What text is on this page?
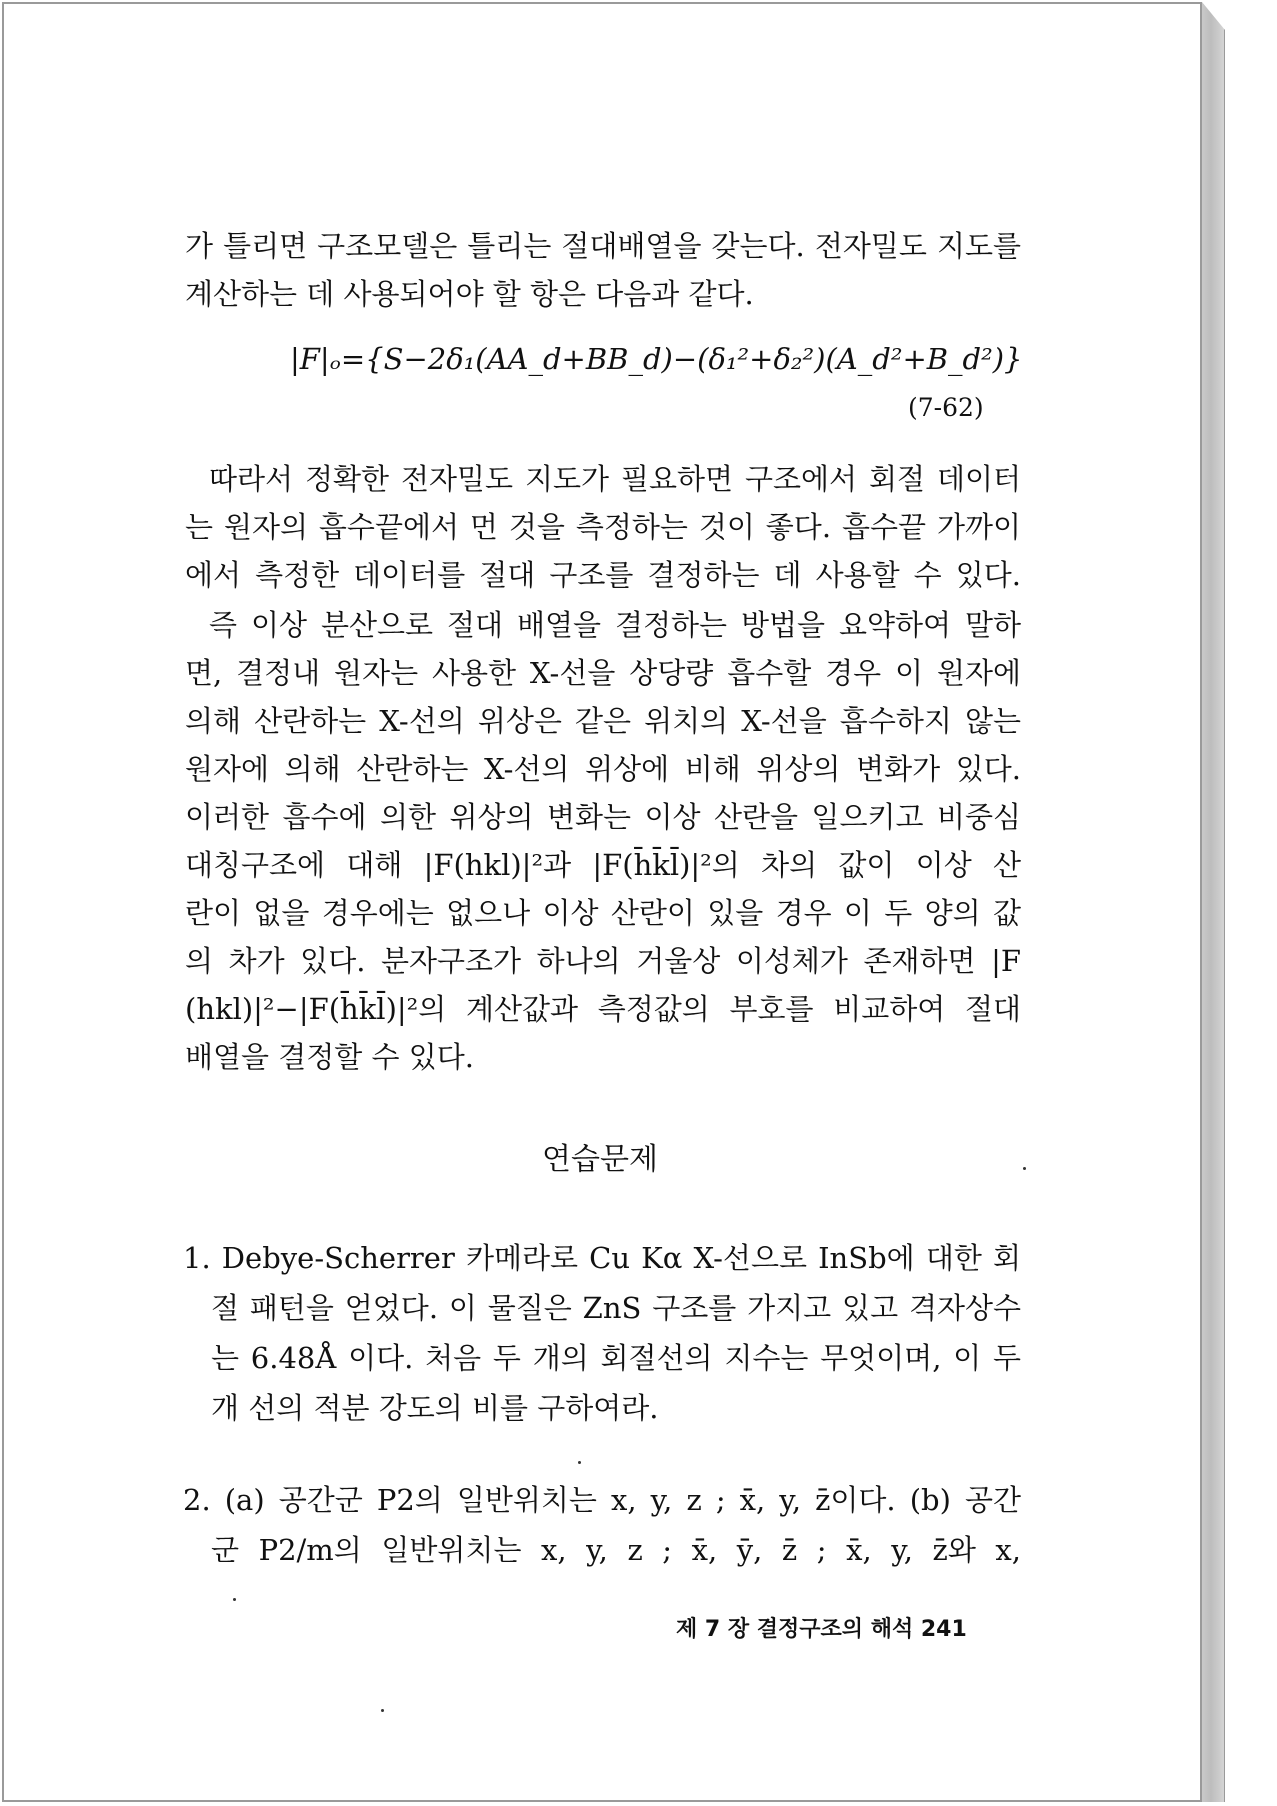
가 틀리면 구조모델은 틀리는 절대배열을 갖는다. 전자밀도 지도를
계산하는 데 사용되어야 할 항은 다음과 같다.
|F|ₒ={S−2δ₁(AA_d+BB_d)−(δ₁²+δ₂²)(A_d²+B_d²)}
(7-62)
따라서 정확한 전자밀도 지도가 필요하면 구조에서 회절 데이터
는 원자의 흡수끝에서 먼 것을 측정하는 것이 좋다. 흡수끝 가까이
에서 측정한 데이터를 절대 구조를 결정하는 데 사용할 수 있다.
즉 이상 분산으로 절대 배열을 결정하는 방법을 요약하여 말하
면, 결정내 원자는 사용한 X-선을 상당량 흡수할 경우 이 원자에
의해 산란하는 X-선의 위상은 같은 위치의 X-선을 흡수하지 않는
원자에 의해 산란하는 X-선의 위상에 비해 위상의 변화가 있다.
이러한 흡수에 의한 위상의 변화는 이상 산란을 일으키고 비중심
대칭구조에 대해 |F(hkl)|²과 |F(h̄k̄l̄)|²의 차의 값이 이상 산
란이 없을 경우에는 없으나 이상 산란이 있을 경우 이 두 양의 값
의 차가 있다. 분자구조가 하나의 거울상 이성체가 존재하면 |F
(hkl)|²−|F(h̄k̄l̄)|²의 계산값과 측정값의 부호를 비교하여 절대
배열을 결정할 수 있다.
연습문제
1. Debye-Scherrer 카메라로 Cu Kα X-선으로 InSb에 대한 회
절 패턴을 얻었다. 이 물질은 ZnS 구조를 가지고 있고 격자상수
는 6.48Å 이다. 처음 두 개의 회절선의 지수는 무엇이며, 이 두
개 선의 적분 강도의 비를 구하여라.
2. (a) 공간군 P2의 일반위치는 x, y, z ; x̄, y, z̄이다. (b) 공간
군 P2/m의 일반위치는 x, y, z ; x̄, ȳ, z̄ ; x̄, y, z̄와 x,
제 7 장 결정구조의 해석 241
